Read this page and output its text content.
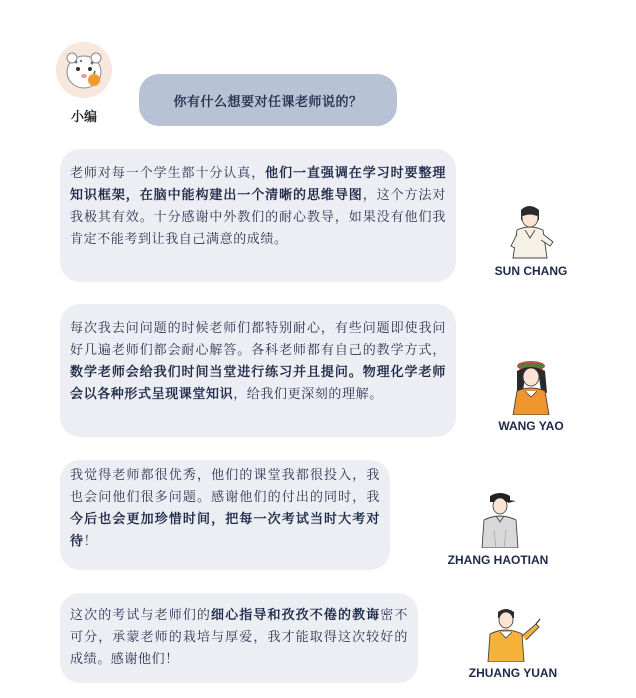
小编
你有什么想要对任课老师说的？
老师对每一个学生都十分认真，他们一直强调在学习时要整理知识框架，在脑中能构建出一个清晰的思维导图，这个方法对我极其有效。十分感谢中外教们的耐心教导，如果没有他们我肯定不能考到让我自己满意的成绩。
SUN CHANG
每次我去问问题的时候老师们都特别耐心，有些问题即使我问好几遍老师们都会耐心解答。各科老师都有自己的教学方式，数学老师会给我们时间当堂进行练习并且提问。物理化学老师会以各种形式呈现课堂知识，给我们更深刻的理解。
WANG YAO
我觉得老师都很优秀，他们的课堂我都很投入，我也会问他们很多问题。感谢他们的付出的同时，我今后也会更加珍惜时间，把每一次考试当时大考对待！
ZHANG HAOTIAN
这次的考试与老师们的细心指导和孜孜不倦的教诲密不可分，承蒙老师的栽培与厚爱，我才能取得这次较好的成绩。感谢他们！
ZHUANG YUAN
